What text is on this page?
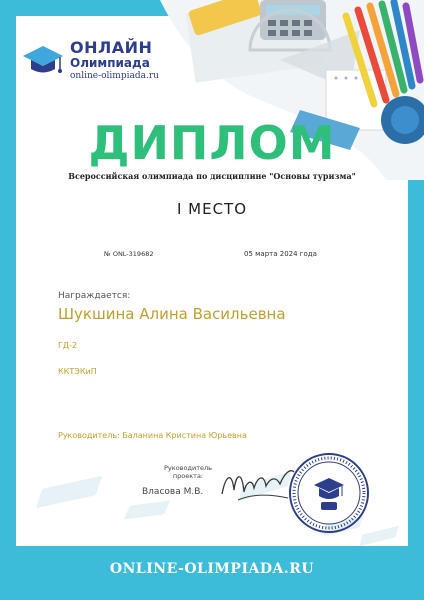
ОНЛАЙН
Олимпиада
online-olimpiada.ru
ДИПЛОМ
Всероссийская олимпиада по дисциплине "Основы туризма"
I МЕСТО
№ ONL-319682	05 марта 2024 года
Награждается:
Шукшина Алина Васильевна
ГД-2
ККТЭКиП
Руководитель: Баланина Кристина Юрьевна
Руководитель проекта:
Власова М.В.
ONLINE-OLIMPIADA.RU
